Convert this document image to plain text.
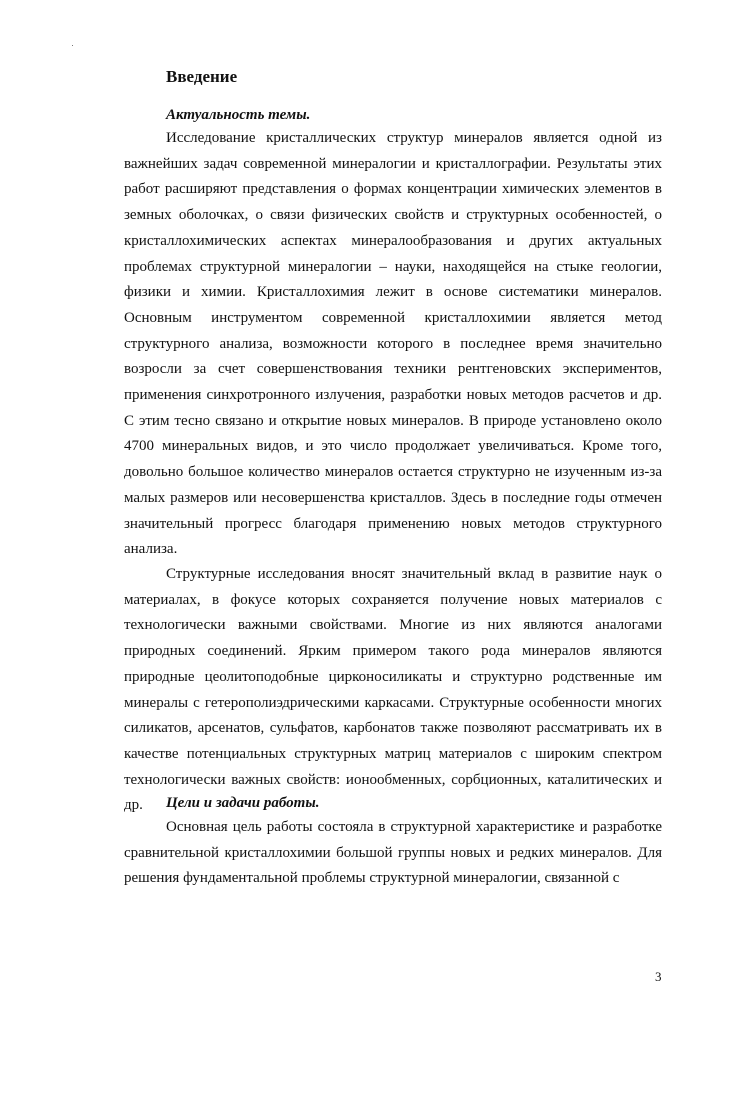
Введение
Актуальность темы.

Исследование кристаллических структур минералов является одной из важнейших задач современной минералогии и кристаллографии. Результаты этих работ расширяют представления о формах концентрации химических элементов в земных оболочках, о связи физических свойств и структурных особенностей, о кристаллохимических аспектах минералообразования и других актуальных проблемах структурной минералогии – науки, находящейся на стыке геологии, физики и химии. Кристаллохимия лежит в основе систематики минералов. Основным инструментом современной кристаллохимии является метод структурного анализа, возможности которого в последнее время значительно возросли за счет совершенствования техники рентгеновских экспериментов, применения синхротронного излучения, разработки новых методов расчетов и др. С этим тесно связано и открытие новых минералов. В природе установлено около 4700 минеральных видов, и это число продолжает увеличиваться. Кроме того, довольно большое количество минералов остается структурно не изученным из-за малых размеров или несовершенства кристаллов. Здесь в последние годы отмечен значительный прогресс благодаря применению новых методов структурного анализа.

Структурные исследования вносят значительный вклад в развитие наук о материалах, в фокусе которых сохраняется получение новых материалов с технологически важными свойствами. Многие из них являются аналогами природных соединений. Ярким примером такого рода минералов являются природные цеолитоподобные цирконосиликаты и структурно родственные им минералы с гетерополиэдрическими каркасами. Структурные особенности многих силикатов, арсенатов, сульфатов, карбонатов также позволяют рассматривать их в качестве потенциальных структурных матриц материалов с широким спектром технологически важных свойств: ионообменных, сорбционных, каталитических и др.	Цели и задачи работы.

Основная цель работы состояла в структурной характеристике и разработке сравнительной кристаллохимии большой группы новых и редких минералов. Для решения фундаментальной проблемы структурной минералогии, связанной с

3
